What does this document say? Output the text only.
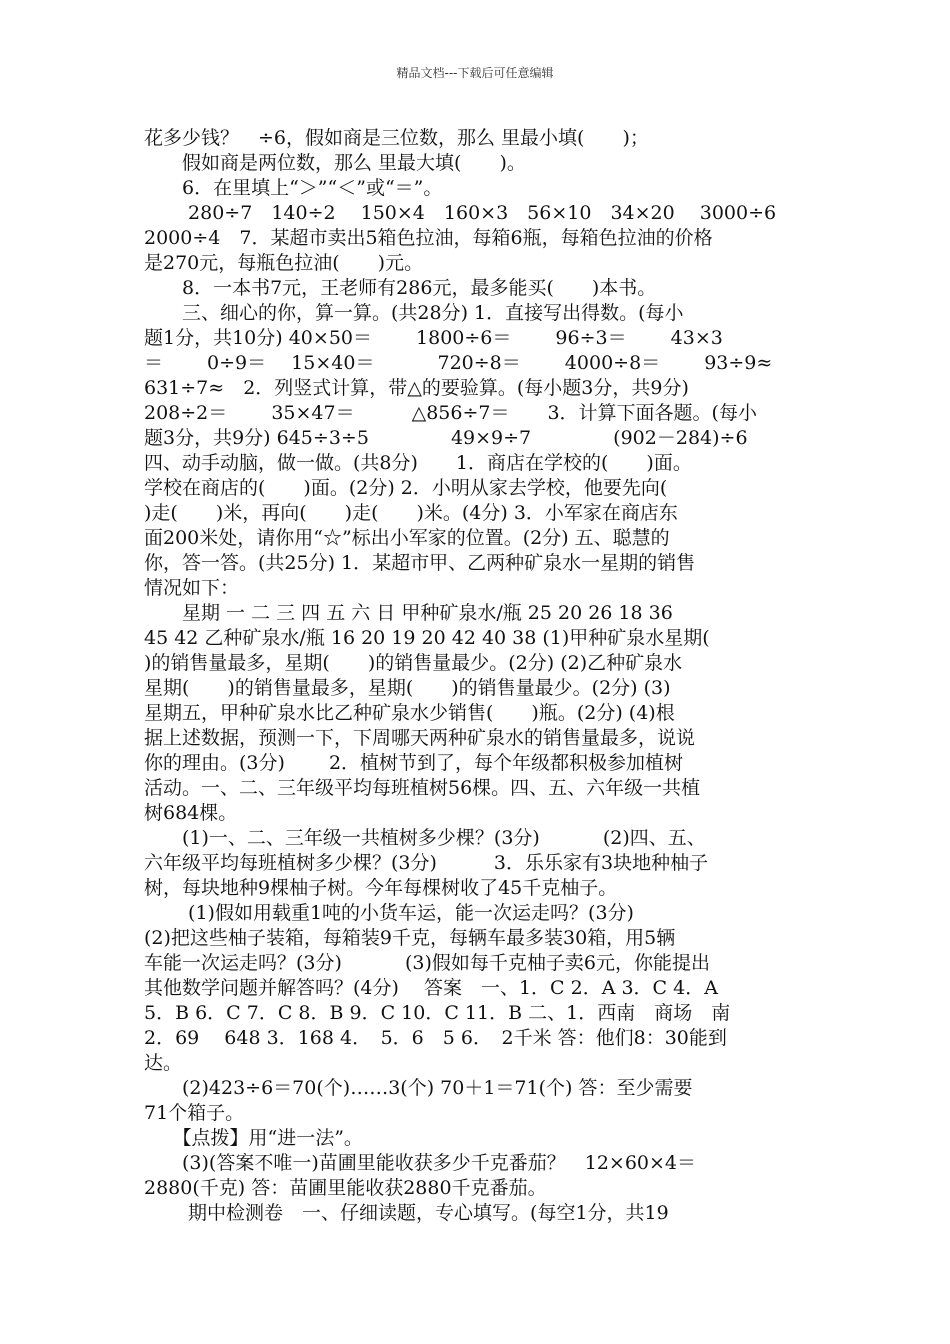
精品文档---下载后可任意编辑

花多少钱？　÷6，假如商是三位数，那么 里最小填(　　)；

　　假如商是两位数，那么 里最大填(　　)。

　　6．在里填上“＞”“＜”或“＝”。

　　 280÷7　140÷2　 150×4　160×3　56×10　34×20　 3000÷6

2000÷4　7．某超市卖出5箱色拉油，每箱6瓶，每箱色拉油的价格

是270元，每瓶色拉油(　　)元。

　　8．一本书7元，王老师有286元，最多能买(　　)本书。

　　三、细心的你，算一算。(共28分) 1．直接写出得数。(每小

题1分，共10分) 40×50＝　　 1800÷6＝　　 96÷3＝　　 43×3

＝　　 0÷9＝　 15×40＝　　　 720÷8＝　　 4000÷8＝　　 93÷9≈

631÷7≈　2．列竖式计算，带△的要验算。(每小题3分，共9分)

208÷2＝　　 35×47＝　　　△856÷7＝　　3．计算下面各题。(每小

题3分，共9分) 645÷3÷5　　　　 49×9÷7　　　　 (902－284)÷6

四、动手动脑，做一做。(共8分)　　1．商店在学校的(　　)面。

学校在商店的(　　)面。(2分) 2．小明从家去学校，他要先向(

)走(　　)米，再向(　　)走(　　)米。(4分) 3．小军家在商店东

面200米处，请你用“☆”标出小军家的位置。(2分) 五、聪慧的

你，答一答。(共25分) 1．某超市甲、乙两种矿泉水一星期的销售

情况如下：

　　星期 一 二 三 四 五 六 日 甲种矿泉水/瓶 25 20 26 18 36

45 42 乙种矿泉水/瓶 16 20 19 20 42 40 38 (1)甲种矿泉水星期(

)的销售量最多，星期(　　)的销售量最少。(2分) (2)乙种矿泉水

星期(　　)的销售量最多，星期(　　)的销售量最少。(2分) (3)

星期五，甲种矿泉水比乙种矿泉水少销售(　　)瓶。(2分) (4)根

据上述数据，预测一下，下周哪天两种矿泉水的销售量最多，说说

你的理由。(3分)　　 2．植树节到了，每个年级都积极参加植树

活动。一、二、三年级平均每班植树56棵。四、五、六年级一共植

树684棵。

　　(1)一、二、三年级一共植树多少棵？(3分)　　　 (2)四、五、

六年级平均每班植树多少棵？(3分)　　　3．乐乐家有3块地种柚子

树，每块地种9棵柚子树。今年每棵树收了45千克柚子。

　　 (1)假如用载重1吨的小货车运，能一次运走吗？(3分)

(2)把这些柚子装箱，每箱装9千克，每辆车最多装30箱，用5辆

车能一次运走吗？(3分)　　　 (3)假如每千克柚子卖6元，你能提出

其他数学问题并解答吗？(4分)　 答案　一、1．C 2．A 3．C 4．A

5．B 6．C 7．C 8．B 9．C 10．C 11．B 二、1．西南　商场　南

2．69　 648 3．168 4．　5．6　5 6．　2千米 答：他们8：30能到

达。

　　(2)423÷6＝70(个)……3(个) 70＋1＝71(个) 答：至少需要

71个箱子。

　　【点拨】用“进一法”。

　　(3)(答案不唯一)苗圃里能收获多少千克番茄？　12×60×4＝

2880(千克) 答：苗圃里能收获2880千克番茄。

　　 期中检测卷　一、仔细读题，专心填写。(每空1分，共19
